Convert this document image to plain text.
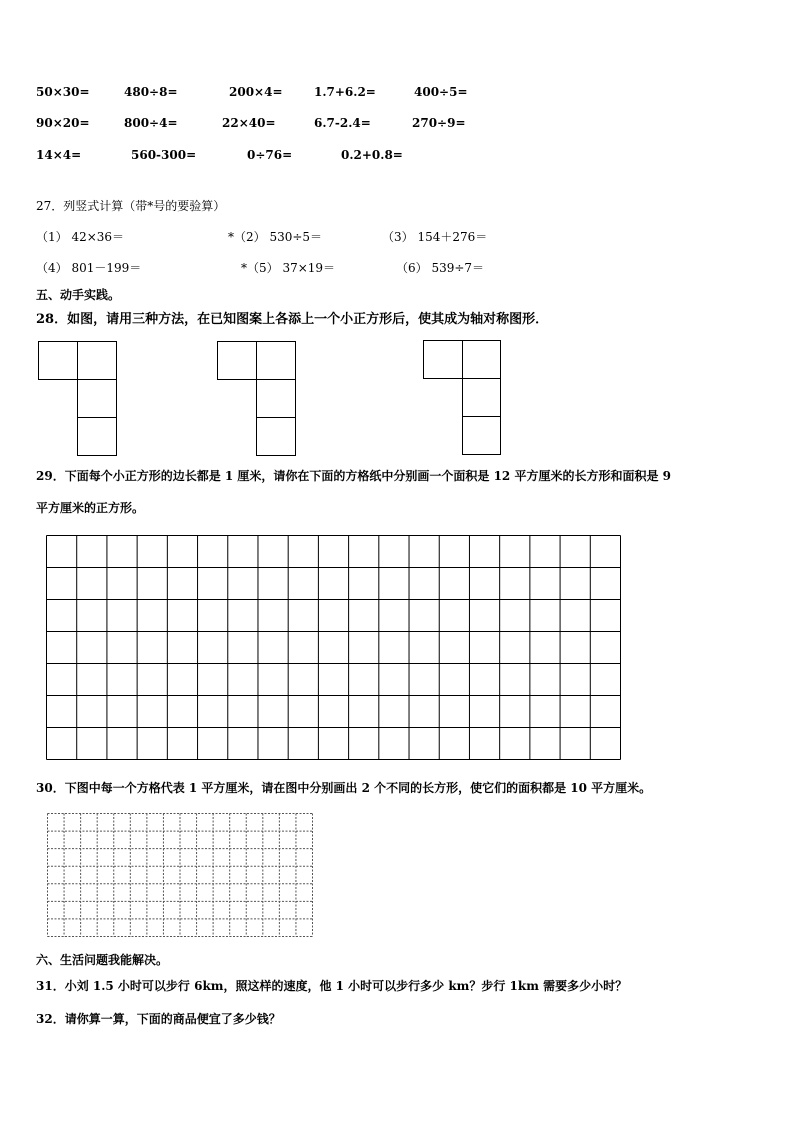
50×30=	480÷8=	200×4=	1.7+6.2=	400÷5=
90×20=	800÷4=	22×40=	6.7-2.4=	270÷9=
14×4=	560-300=	0÷76=	0.2+0.8=
27．列竖式计算（带*号的要验算）
（1） 42×36＝	*（2） 530÷5＝	（3） 154＋276＝
（4） 801－199＝	*（5） 37×19＝	（6） 539÷7＝
五、动手实践。
28．如图，请用三种方法，在已知图案上各添上一个小正方形后，使其成为轴对称图形．
29．下面每个小正方形的边长都是 1 厘米，请你在下面的方格纸中分别画一个面积是 12 平方厘米的长方形和面积是 9
平方厘米的正方形。
30．下图中每一个方格代表 1 平方厘米，请在图中分别画出 2 个不同的长方形，使它们的面积都是 10 平方厘米。
六、生活问题我能解决。
31．小刘 1.5 小时可以步行 6km，照这样的速度，他 1 小时可以步行多少 km？步行 1km 需要多少小时？
32．请你算一算，下面的商品便宜了多少钱？
